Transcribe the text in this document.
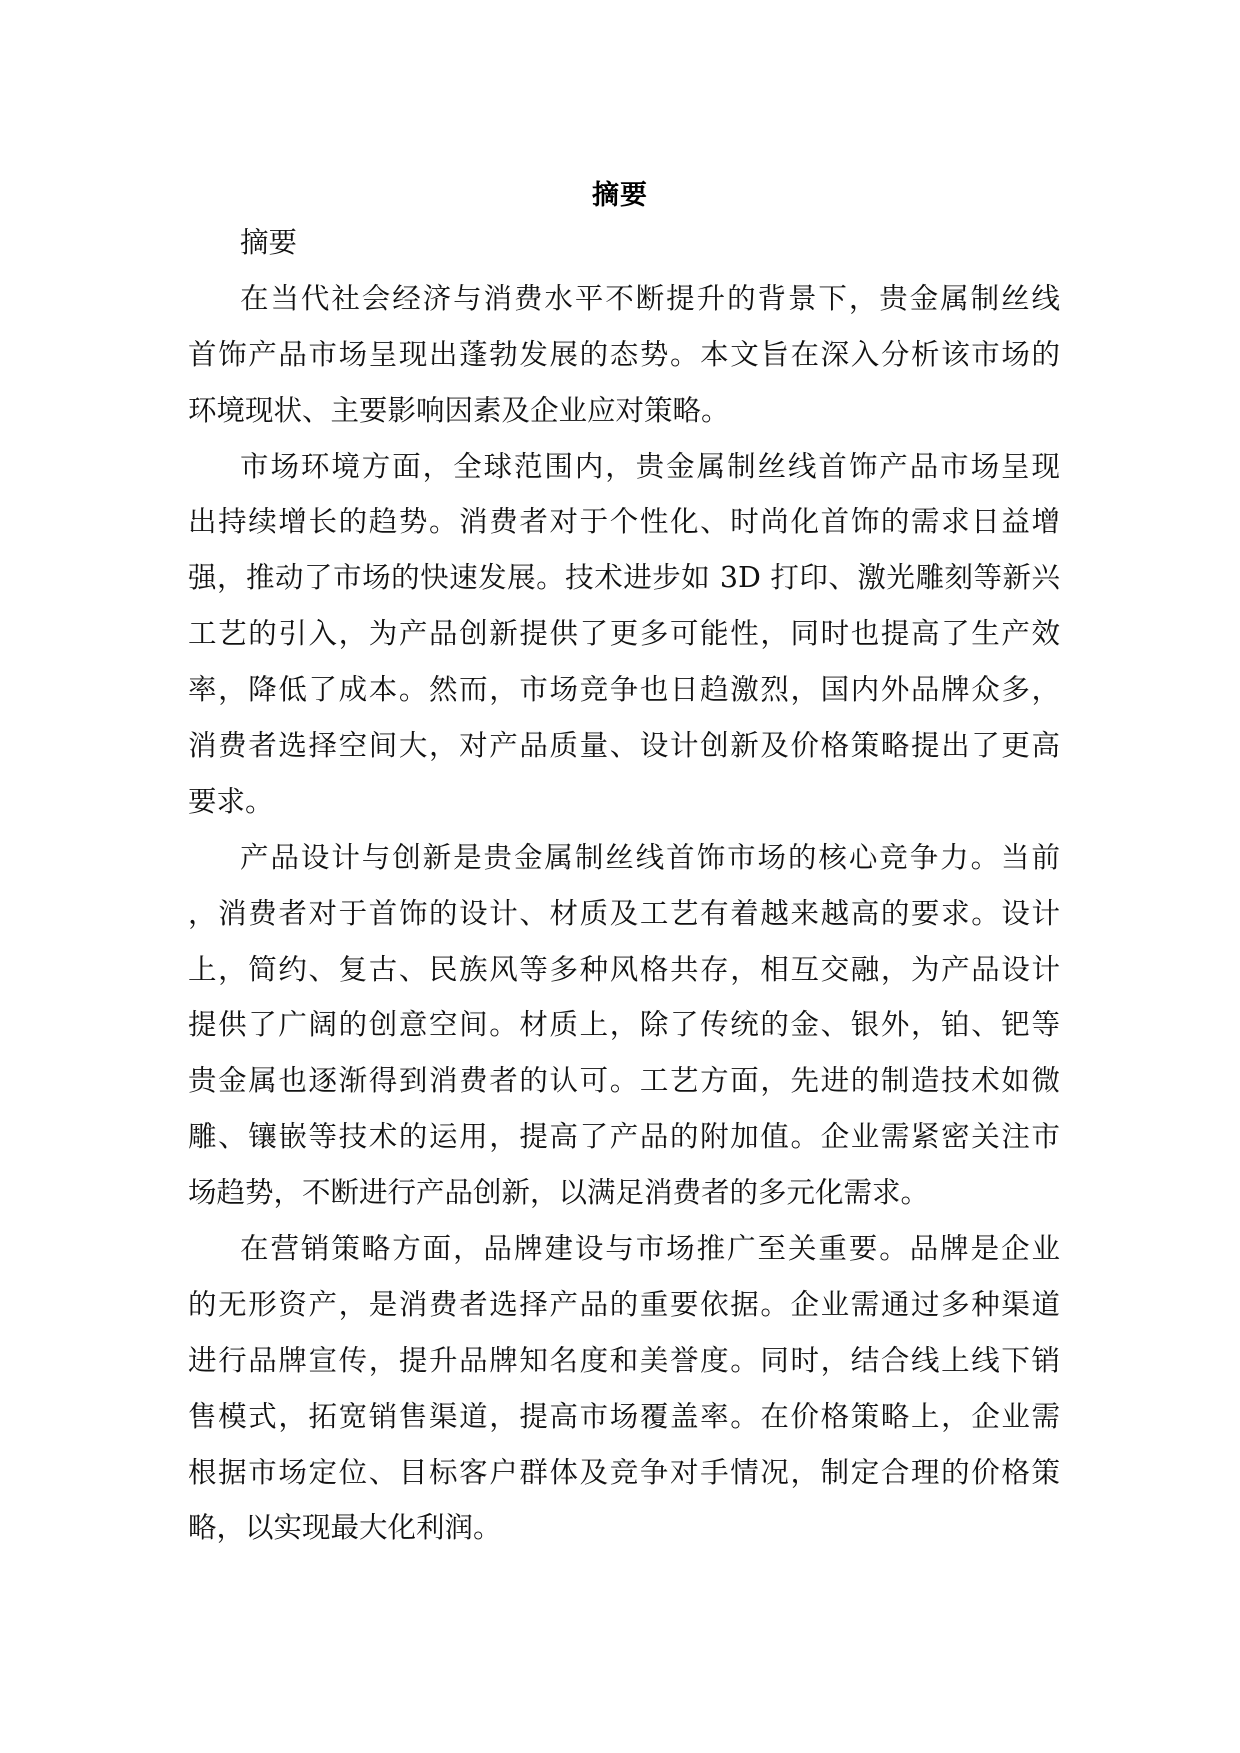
摘要
摘要
在当代社会经济与消费水平不断提升的背景下，贵金属制丝线
首饰产品市场呈现出蓬勃发展的态势。本文旨在深入分析该市场的
环境现状、主要影响因素及企业应对策略。
市场环境方面，全球范围内，贵金属制丝线首饰产品市场呈现
出持续增长的趋势。消费者对于个性化、时尚化首饰的需求日益增
强，推动了市场的快速发展。技术进步如 3D 打印、激光雕刻等新兴
工艺的引入，为产品创新提供了更多可能性，同时也提高了生产效
率，降低了成本。然而，市场竞争也日趋激烈，国内外品牌众多，
消费者选择空间大，对产品质量、设计创新及价格策略提出了更高
要求。
产品设计与创新是贵金属制丝线首饰市场的核心竞争力。当前
，消费者对于首饰的设计、材质及工艺有着越来越高的要求。设计
上，简约、复古、民族风等多种风格共存，相互交融，为产品设计
提供了广阔的创意空间。材质上，除了传统的金、银外，铂、钯等
贵金属也逐渐得到消费者的认可。工艺方面，先进的制造技术如微
雕、镶嵌等技术的运用，提高了产品的附加值。企业需紧密关注市
场趋势，不断进行产品创新，以满足消费者的多元化需求。
在营销策略方面，品牌建设与市场推广至关重要。品牌是企业
的无形资产，是消费者选择产品的重要依据。企业需通过多种渠道
进行品牌宣传，提升品牌知名度和美誉度。同时，结合线上线下销
售模式，拓宽销售渠道，提高市场覆盖率。在价格策略上，企业需
根据市场定位、目标客户群体及竞争对手情况，制定合理的价格策
略，以实现最大化利润。
